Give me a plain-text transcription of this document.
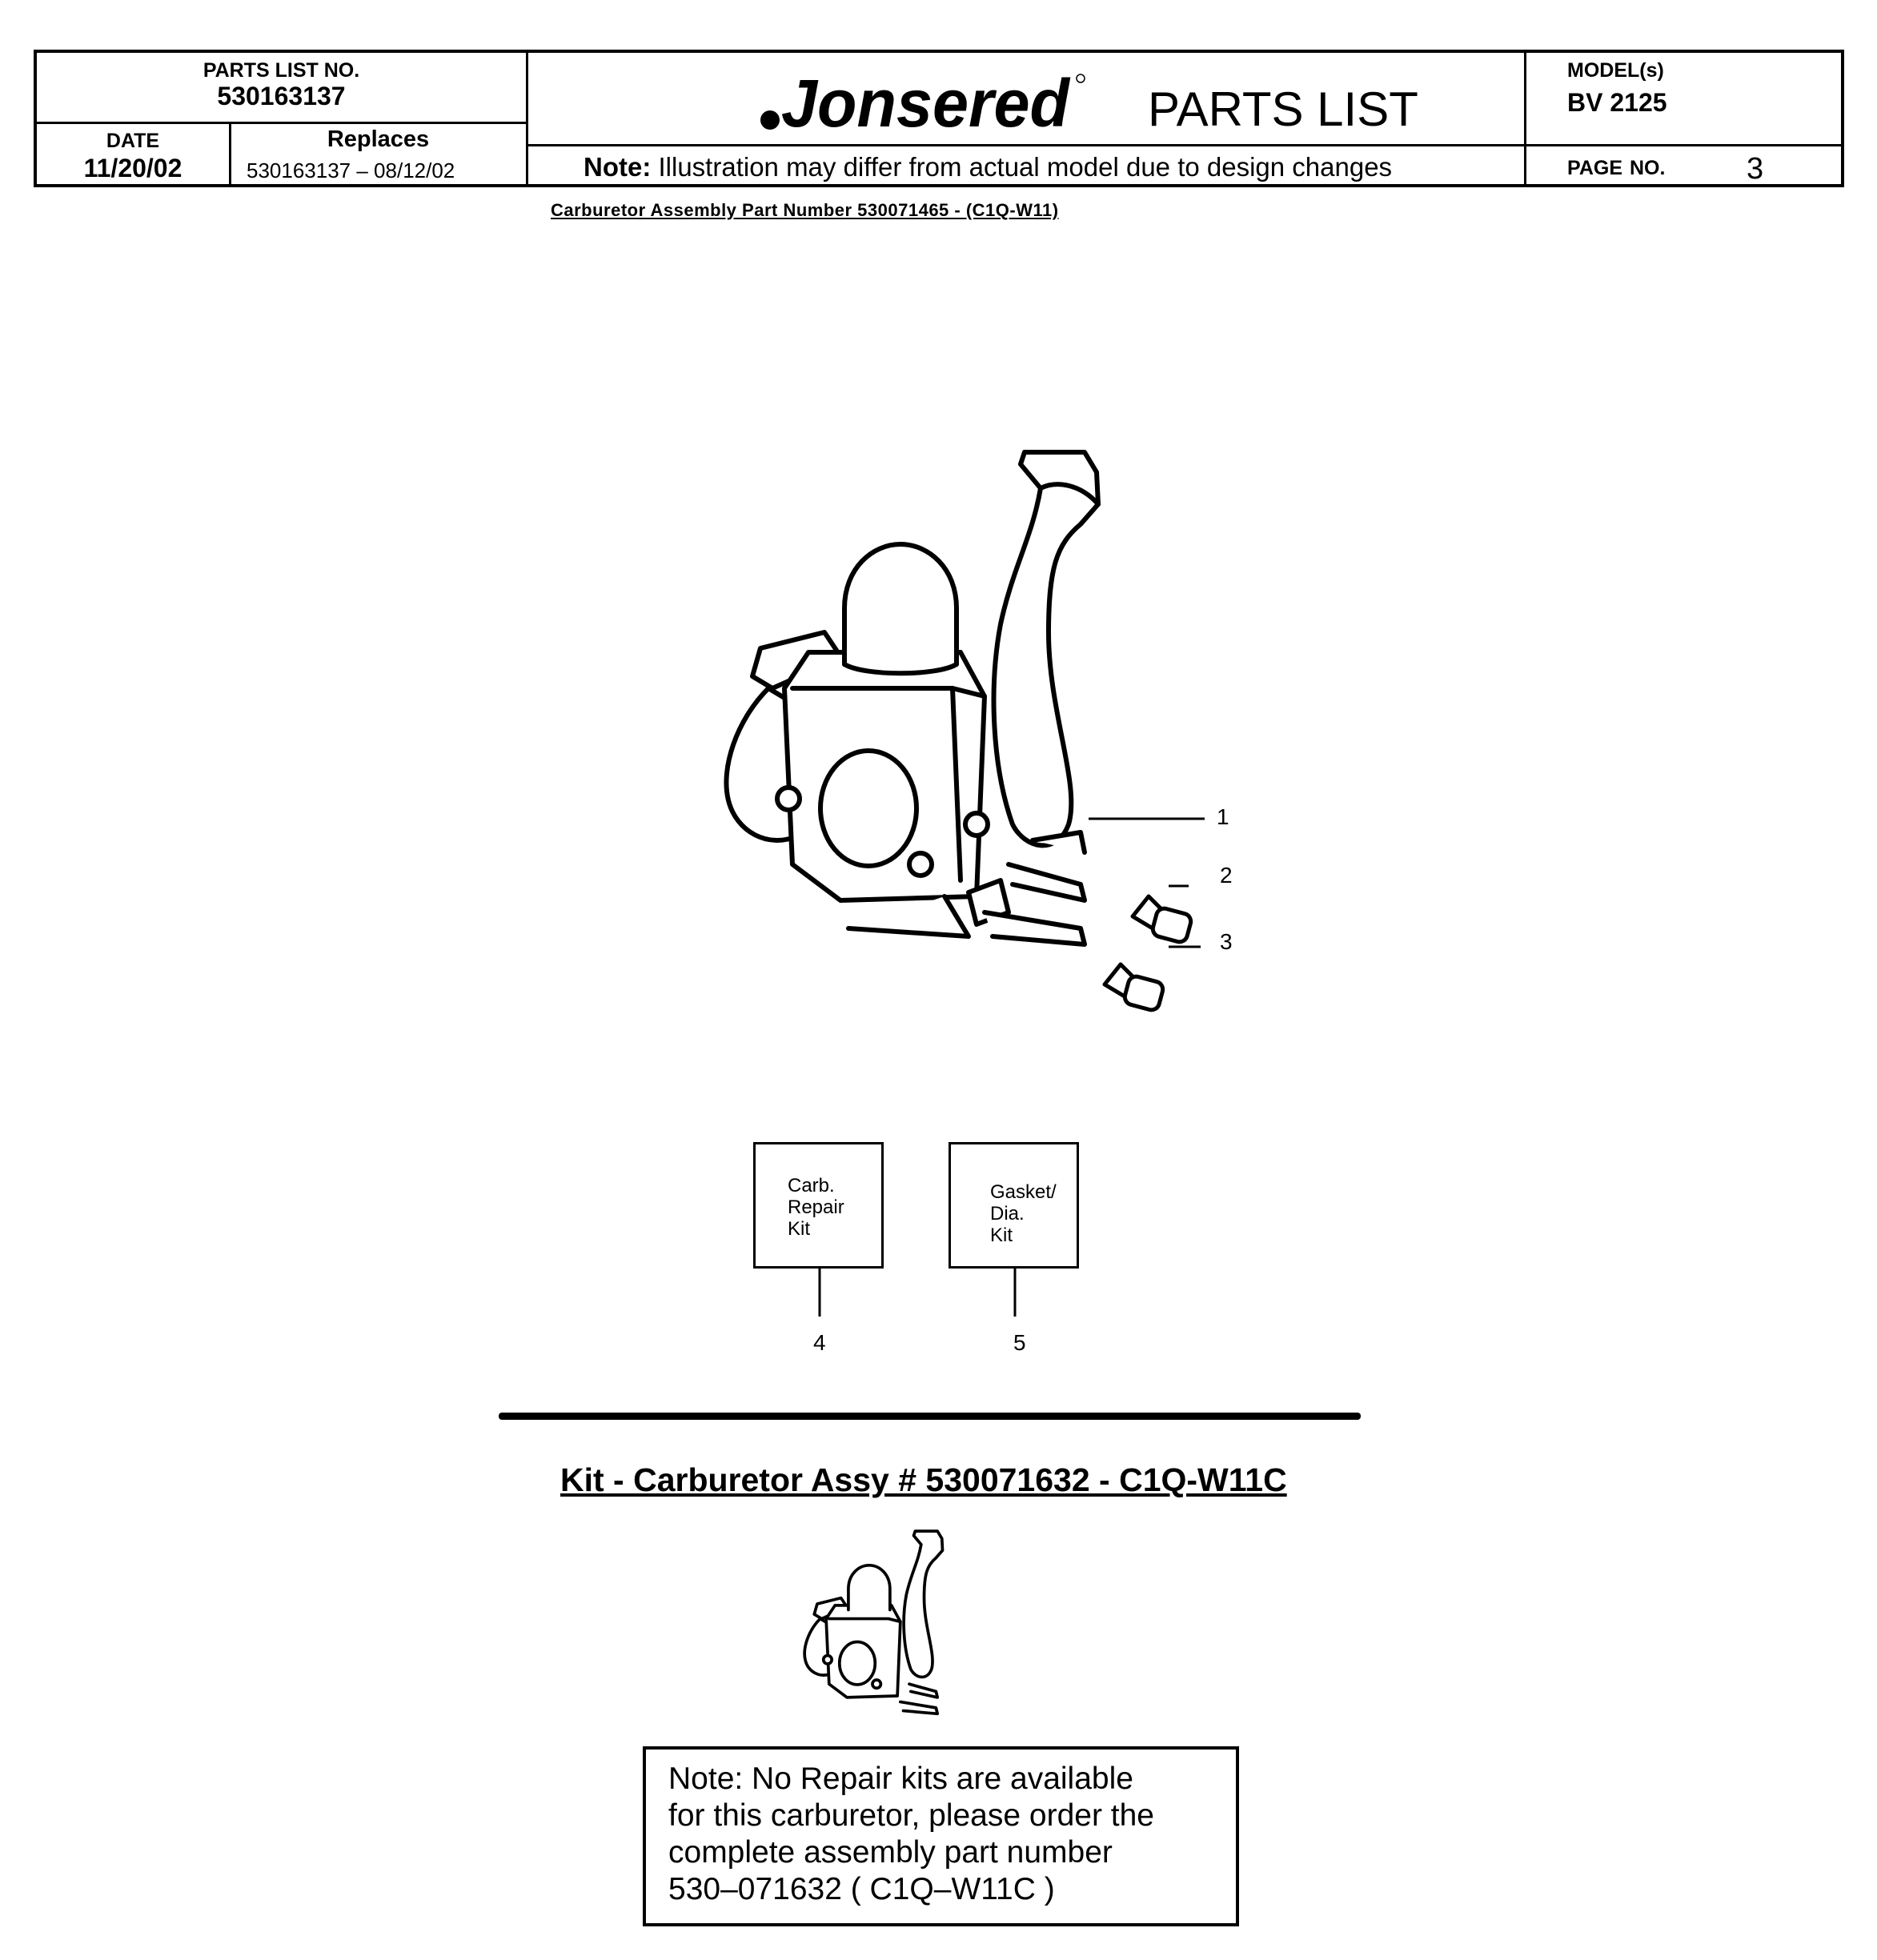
PARTS LIST NO.
530163137
DATE
11/20/02
Replaces
530163137 – 08/12/02
Jonsered PARTS LIST
Note: Illustration may differ from actual model due to design changes
MODEL(s)
BV 2125
PAGE NO.	3
Carburetor Assembly Part Number 530071465 - (C1Q-W11)
1
2
3
Carb.
Repair
Kit
Gasket/
Dia.
Kit
4	5
Kit - Carburetor Assy # 530071632 - C1Q-W11C
Note: No Repair kits are available
for this carburetor, please order the
complete assembly part number
530–071632 ( C1Q–W11C )
